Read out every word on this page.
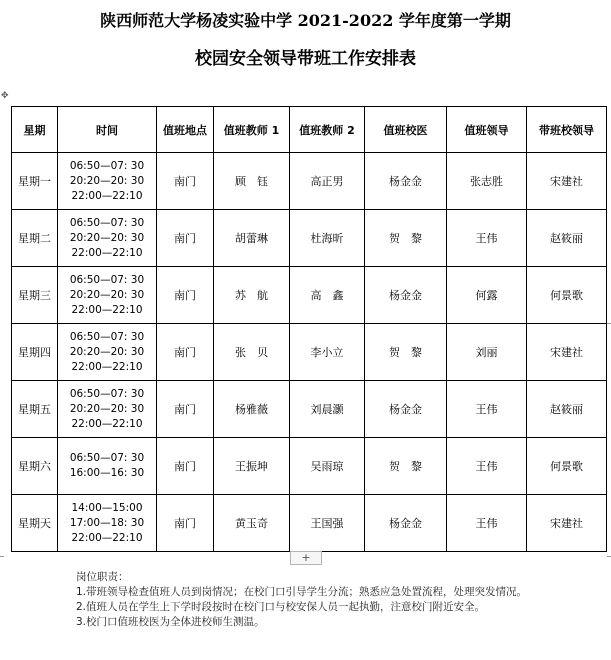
陕西师范大学杨凌实验中学 2021-2022 学年度第一学期
校园安全领导带班工作安排表
✥
星期	时间	值班地点	值班教师 1	值班教师 2	值班校医	值班领导	带班校领导
星期一	06:50—07: 30
20:20—20: 30
22:00—22:10	南门	顾　钰	高正男	杨金金	张志胜	宋建社
星期二	06:50—07: 30
20:20—20: 30
22:00—22:10	南门	胡蕾琳	杜海昕	贺　黎	王伟	赵筱丽
星期三	06:50—07: 30
20:20—20: 30
22:00—22:10	南门	苏　航	高　鑫	杨金金	何露	何景歌
星期四	06:50—07: 30
20:20—20: 30
22:00—22:10	南门	张　贝	李小立	贺　黎	刘丽	宋建社
星期五	06:50—07: 30
20:20—20: 30
22:00—22:10	南门	杨雅薇	刘晨灏	杨金金	王伟	赵筱丽
星期六	06:50—07: 30
16:00—16: 30	南门	王振坤	吴雨琼	贺　黎	王伟	何景歌
星期天	14:00—15:00
17:00—18: 30
22:00—22:10	南门	黄玉奇	王国强	杨金金	王伟	宋建社
+

岗位职责：

1.带班领导检查值班人员到岗情况；在校门口引导学生分流；熟悉应急处置流程，处理突发情况。

2.值班人员在学生上下学时段按时在校门口与校安保人员一起执勤，注意校门附近安全。

3.校门口值班校医为全体进校师生测温。
